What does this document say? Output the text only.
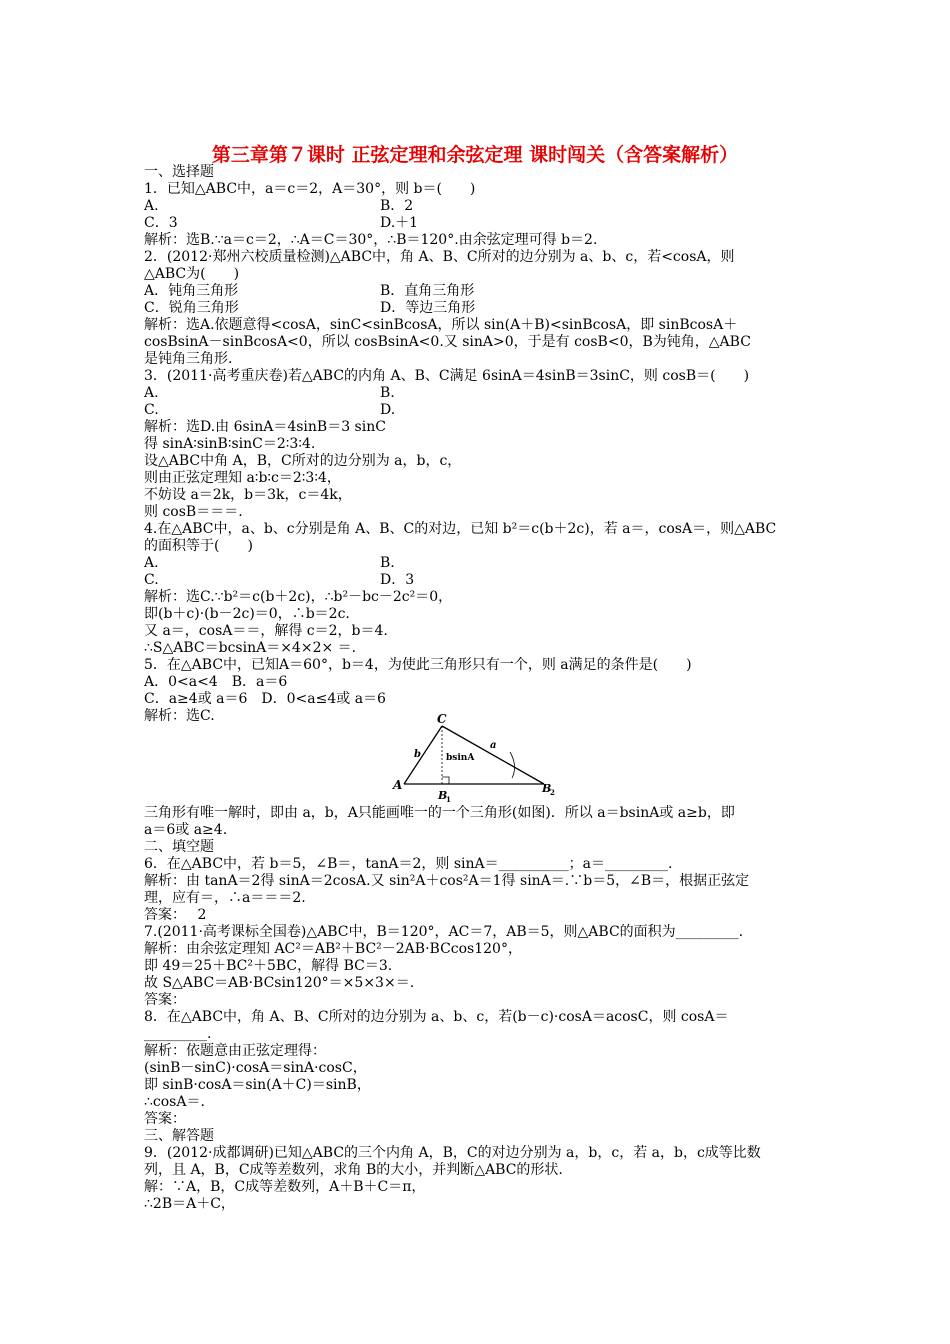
第三章第７课时 正弦定理和余弦定理 课时闯关（含答案解析）
一、选择题
1．已知△ABC中，a＝c＝2，A＝30°，则 b＝(　　)
A.	B．2
C．3	D.＋1
解析：选B.∵a＝c＝2，∴A＝C＝30°，∴B＝120°.由余弦定理可得 b＝2.
2．(2012·郑州六校质量检测)△ABC中，角 A、B、C所对的边分别为 a、b、c，若<cosA，则
△ABC为(　　)
A．钝角三角形	B．直角三角形
C．锐角三角形	D．等边三角形
解析：选A.依题意得<cosA，sinC<sinBcosA，所以 sin(A＋B)<sinBcosA，即 sinBcosA＋
cosBsinA－sinBcosA<0，所以 cosBsinA<0.又 sinA>0，于是有 cosB<0，B为钝角，△ABC
是钝角三角形.
3．(2011·高考重庆卷)若△ABC的内角 A、B、C满足 6sinA＝4sinB＝3sinC，则 cosB＝(　　)
A.	B.
C.	D.
解析：选D.由 6sinA＝4sinB＝3 sinC
得 sinA∶sinB∶sinC＝2∶3∶4.
设△ABC中角 A，B，C所对的边分别为 a，b，c，
则由正弦定理知 a∶b∶c＝2∶3∶4，
不妨设 a＝2k，b＝3k，c＝4k，
则 cosB＝＝＝.
4.在△ABC中，a、b、c分别是角 A、B、C的对边，已知 b²＝c(b＋2c)，若 a＝，cosA＝，则△ABC
的面积等于(　　)
A.	B.
C.	D．3
解析：选C.∵b²＝c(b＋2c)，∴b²－bc－2c²＝0，
即(b＋c)·(b－2c)＝0，∴b＝2c.
又 a＝，cosA＝＝，解得 c＝2，b＝4.
∴S△ABC＝bcsinA＝×4×2× ＝.
5．在△ABC中，已知A＝60°，b＝4，为使此三角形只有一个，则 a满足的条件是(　　)
A．0<a<4　B．a＝6
C．a≥4或 a＝6　D．0<a≤4或 a＝6
解析：选C.
三角形有唯一解时，即由 a，b，A只能画唯一的一个三角形(如图)．所以 a＝bsinA或 a≥b，即
a＝6或 a≥4.
二、填空题
6．在△ABC中，若 b＝5，∠B＝，tanA＝2，则 sinA＝__________；a＝_________.
解析：由 tanA＝2得 sinA＝2cosA.又 sin²A＋cos²A＝1得 sinA＝.∵b＝5，∠B＝，根据正弦定
理，应有＝，∴a＝＝＝2.
答案：　 2
7.(2011·高考课标全国卷)△ABC中，B＝120°，AC＝7，AB＝5，则△ABC的面积为_________.
解析：由余弦定理知 AC²＝AB²＋BC²－2AB·BCcos120°，
即 49＝25＋BC²＋5BC，解得 BC＝3.
故 S△ABC＝AB·BCsin120°＝×5×3×＝.
答案：
8．在△ABC中，角 A、B、C所对的边分别为 a、b、c，若(b－c)·cosA＝acosC，则 cosA＝
_________.
解析：依题意由正弦定理得：
(sinB－sinC)·cosA＝sinA·cosC，
即 sinB·cosA＝sin(A＋C)＝sinB，
∴cosA＝.
答案：
三、解答题
9．(2012·成都调研)已知△ABC的三个内角 A，B，C的对边分别为 a，b，c，若 a，b，c成等比数
列，且 A，B，C成等差数列，求角 B的大小，并判断△ABC的形状.
解：∵A，B，C成等差数列，A＋B＋C＝π，
∴2B＝A＋C，
C
A
B
1
B
2
a
b	bsinA
